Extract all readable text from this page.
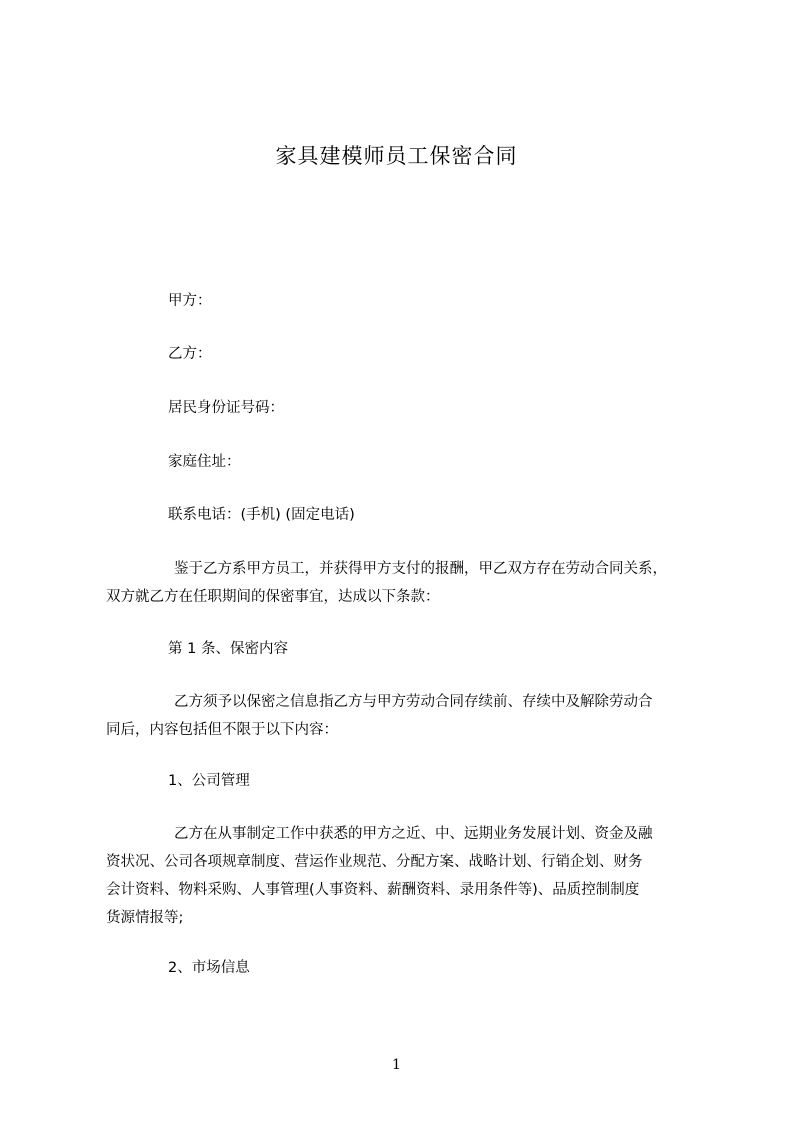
家具建模师员工保密合同
甲方：
乙方：
居民身份证号码：
家庭住址：
联系电话：(手机) (固定电话)
鉴于乙方系甲方员工，并获得甲方支付的报酬，甲乙双方存在劳动合同关系，
双方就乙方在任职期间的保密事宜，达成以下条款：
第 1 条、保密内容
乙方须予以保密之信息指乙方与甲方劳动合同存续前、存续中及解除劳动合
同后，内容包括但不限于以下内容：
1、公司管理
乙方在从事制定工作中获悉的甲方之近、中、远期业务发展计划、资金及融
资状况、公司各项规章制度、营运作业规范、分配方案、战略计划、行销企划、财务
会计资料、物料采购、人事管理(人事资料、薪酬资料、录用条件等)、品质控制制度
货源情报等;
2、市场信息
1
